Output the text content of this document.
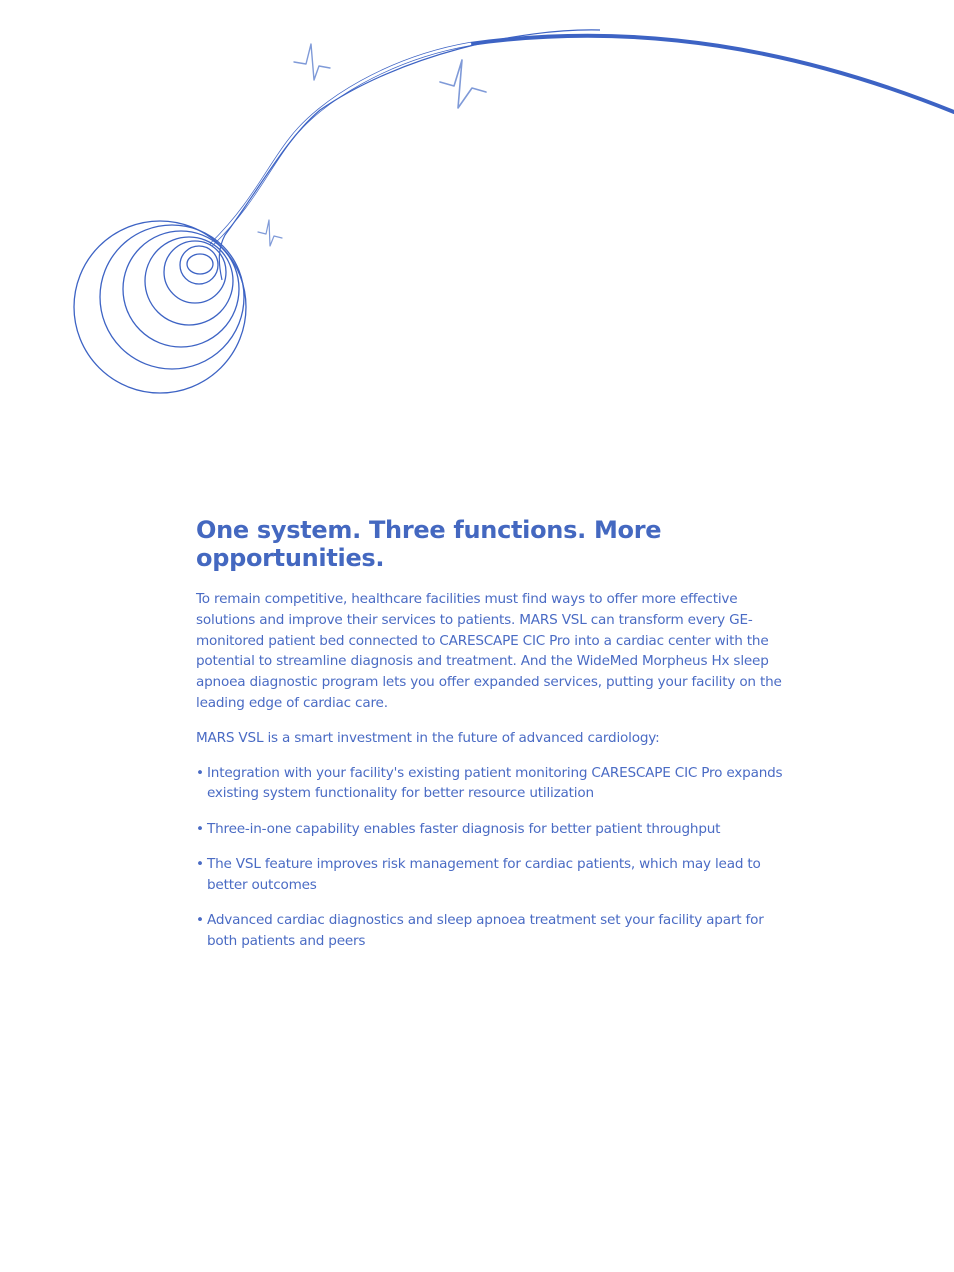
One system. Three functions. More opportunities.

To remain competitive, healthcare facilities must find ways to offer more effective solutions and improve their services to patients. MARS VSL can transform every GE-monitored patient bed connected to CARESCAPE CIC Pro into a cardiac center with the potential to streamline diagnosis and treatment. And the WideMed Morpheus Hx sleep apnoea diagnostic program lets you offer expanded services, putting your facility on the leading edge of cardiac care.

MARS VSL is a smart investment in the future of advanced cardiology:

• Integration with your facility's existing patient monitoring CARESCAPE CIC Pro expands existing system functionality for better resource utilization
• Three-in-one capability enables faster diagnosis for better patient throughput
• The VSL feature improves risk management for cardiac patients, which may lead to better outcomes
• Advanced cardiac diagnostics and sleep apnoea treatment set your facility apart for both patients and peers
